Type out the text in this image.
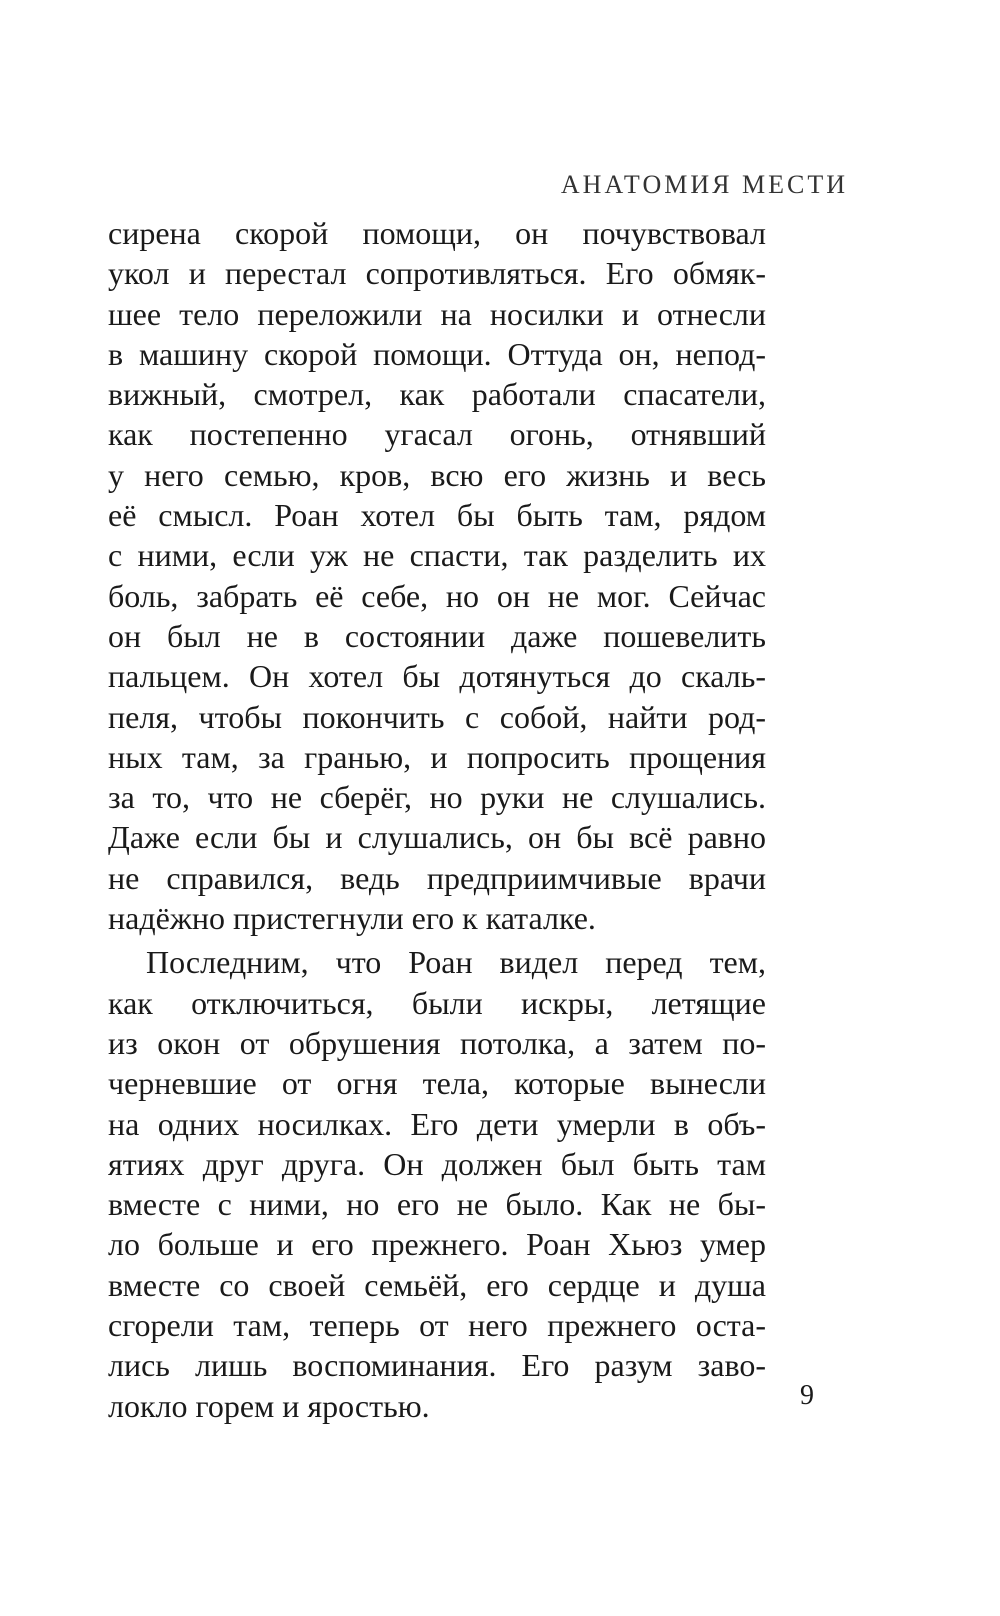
АНАТОМИЯ МЕСТИ
сирена скорой помощи, он почувствовал
укол и перестал сопротивляться. Его обмяк-
шее тело переложили на носилки и отнесли
в машину скорой помощи. Оттуда он, непод-
вижный, смотрел, как работали спасатели,
как постепенно угасал огонь, отнявший
у него семью, кров, всю его жизнь и весь
её смысл. Роан хотел бы быть там, рядом
с ними, если уж не спасти, так разделить их
боль, забрать её себе, но он не мог. Сейчас
он был не в состоянии даже пошевелить
пальцем. Он хотел бы дотянуться до скаль-
пеля, чтобы покончить с собой, найти род-
ных там, за гранью, и попросить прощения
за то, что не сберёг, но руки не слушались.
Даже если бы и слушались, он бы всё равно
не справился, ведь предприимчивые врачи
надёжно пристегнули его к каталке.
Последним, что Роан видел перед тем,
как отключиться, были искры, летящие
из окон от обрушения потолка, а затем по-
черневшие от огня тела, которые вынесли
на одних носилках. Его дети умерли в объ-
ятиях друг друга. Он должен был быть там
вместе с ними, но его не было. Как не бы-
ло больше и его прежнего. Роан Хьюз умер
вместе со своей семьёй, его сердце и душа
сгорели там, теперь от него прежнего оста-
лись лишь воспоминания. Его разум заво-
локло горем и яростью.	9
